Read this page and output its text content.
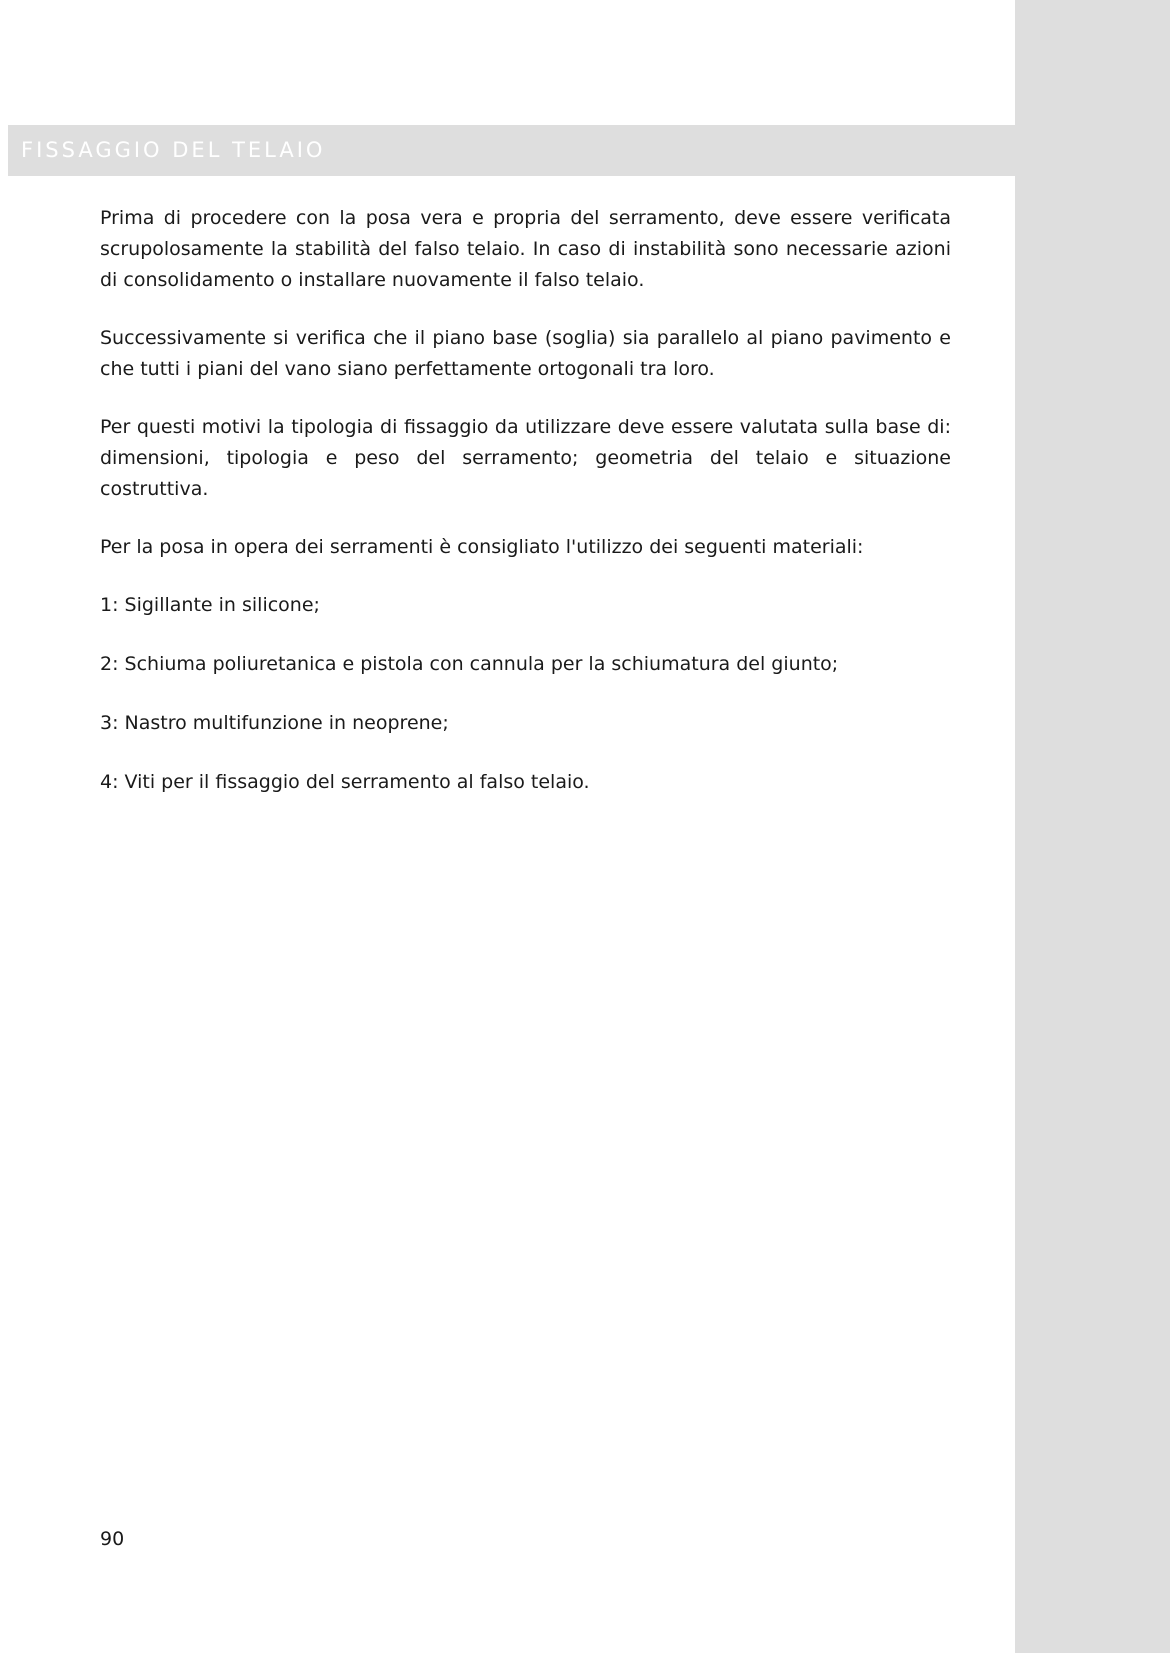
FISSAGGIO DEL TELAIO

Prima di procedere con la posa vera e propria del serramento, deve essere verificata scrupolosamente la stabilità del falso telaio. In caso di instabilità sono necessarie azioni di consolidamento o installare nuovamente il falso telaio.

Successivamente si verifica che il piano base (soglia) sia parallelo al piano pavimento e che tutti i piani del vano siano perfettamente ortogonali tra loro.

Per questi motivi la tipologia di fissaggio da utilizzare deve essere valutata sulla base di: dimensioni, tipologia e peso del serramento; geometria del telaio e situazione costruttiva.

Per la posa in opera dei serramenti è consigliato l'utilizzo dei seguenti materiali:

1: Sigillante in silicone;

2: Schiuma poliuretanica e pistola con cannula per la schiumatura del giunto;

3: Nastro multifunzione in neoprene;

4: Viti per il fissaggio del serramento al falso telaio.

90
